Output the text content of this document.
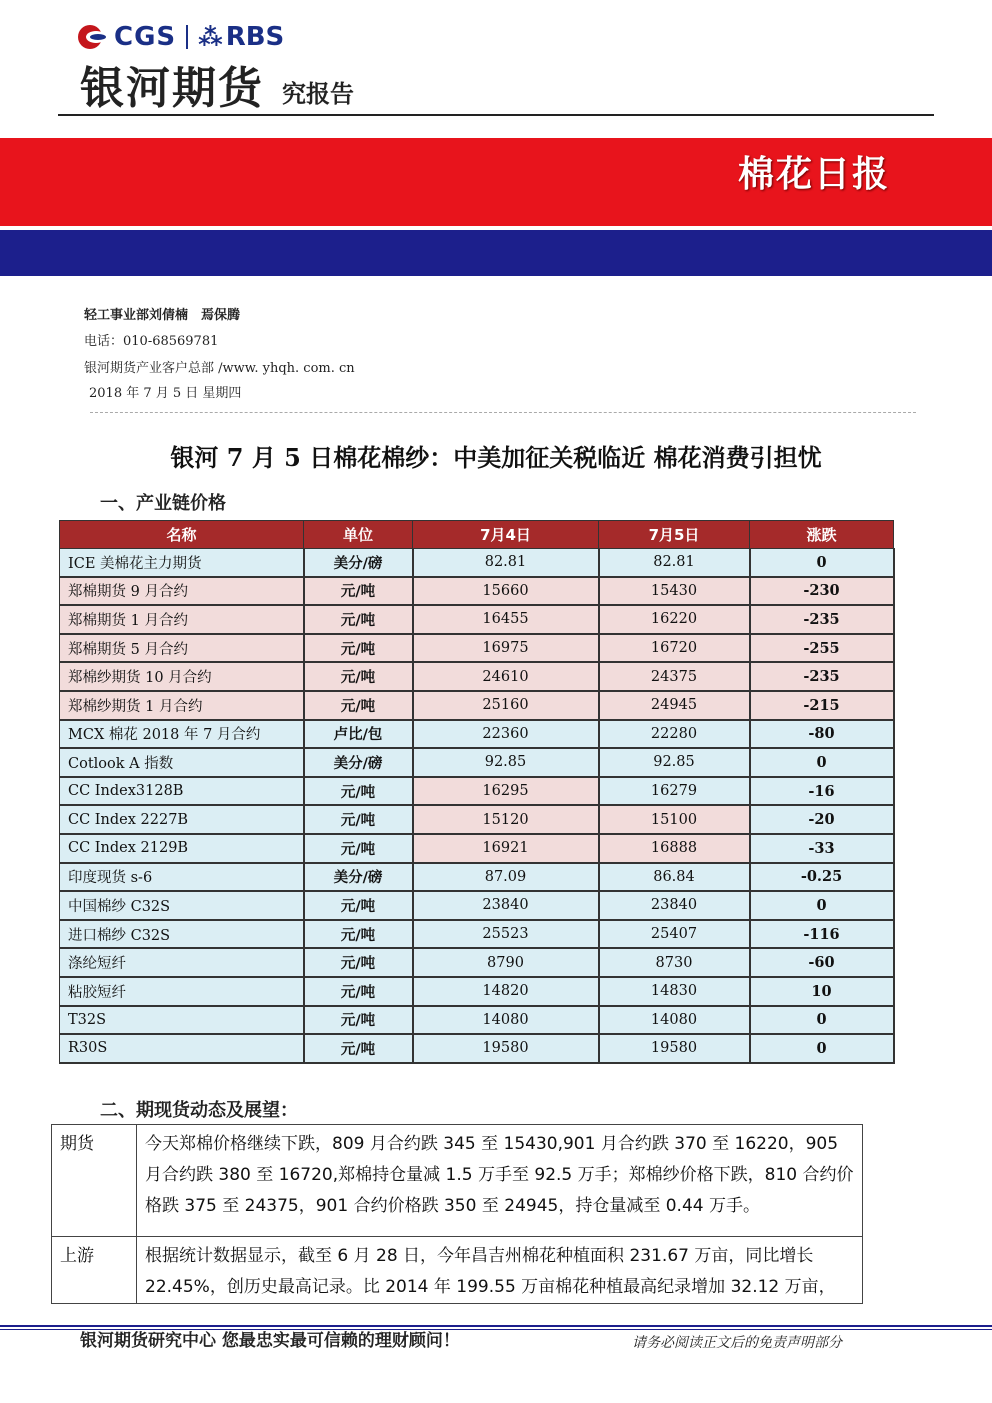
CGS ⁂ RBS
银河期货 究报告
棉花日报
轻工事业部刘倩楠　焉保腾
电话：010-68569781
银河期货产业客户总部 /www. yhqh. com. cn
2018 年 7 月 5 日 星期四
银河 7 月 5 日棉花棉纱：中美加征关税临近 棉花消费引担忧
一、产业链价格
名称	单位	7月4日	7月5日	涨跌
ICE 美棉花主力期货	美分/磅	82.81	82.81	0
郑棉期货 9 月合约	元/吨	15660	15430	-230
郑棉期货 1 月合约	元/吨	16455	16220	-235
郑棉期货 5 月合约	元/吨	16975	16720	-255
郑棉纱期货 10 月合约	元/吨	24610	24375	-235
郑棉纱期货 1 月合约	元/吨	25160	24945	-215
MCX 棉花 2018 年 7 月合约	卢比/包	22360	22280	-80
Cotlook A 指数	美分/磅	92.85	92.85	0
CC Index3128B	元/吨	16295	16279	-16
CC Index 2227B	元/吨	15120	15100	-20
CC Index 2129B	元/吨	16921	16888	-33
印度现货 s-6	美分/磅	87.09	86.84	-0.25
中国棉纱 C32S	元/吨	23840	23840	0
进口棉纱 C32S	元/吨	25523	25407	-116
涤纶短纤	元/吨	8790	8730	-60
粘胶短纤	元/吨	14820	14830	10
T32S	元/吨	14080	14080	0
R30S	元/吨	19580	19580	0
二、期现货动态及展望：
期货	今天郑棉价格继续下跌，809 月合约跌 345 至 15430,901 月合约跌 370 至 16220，905 月合约跌 380 至 16720,郑棉持仓量减 1.5 万手至 92.5 万手；郑棉纱价格下跌，810 合约价格跌 375 至 24375，901 合约价格跌 350 至 24945，持仓量减至 0.44 万手。
上游	根据统计数据显示，截至 6 月 28 日，今年昌吉州棉花种植面积 231.67 万亩，同比增长 22.45%，创历史最高记录。比 2014 年 199.55 万亩棉花种植最高纪录增加 32.12 万亩，
银河期货研究中心 您最忠实最可信赖的理财顾问！	请务必阅读正文后的免责声明部分
